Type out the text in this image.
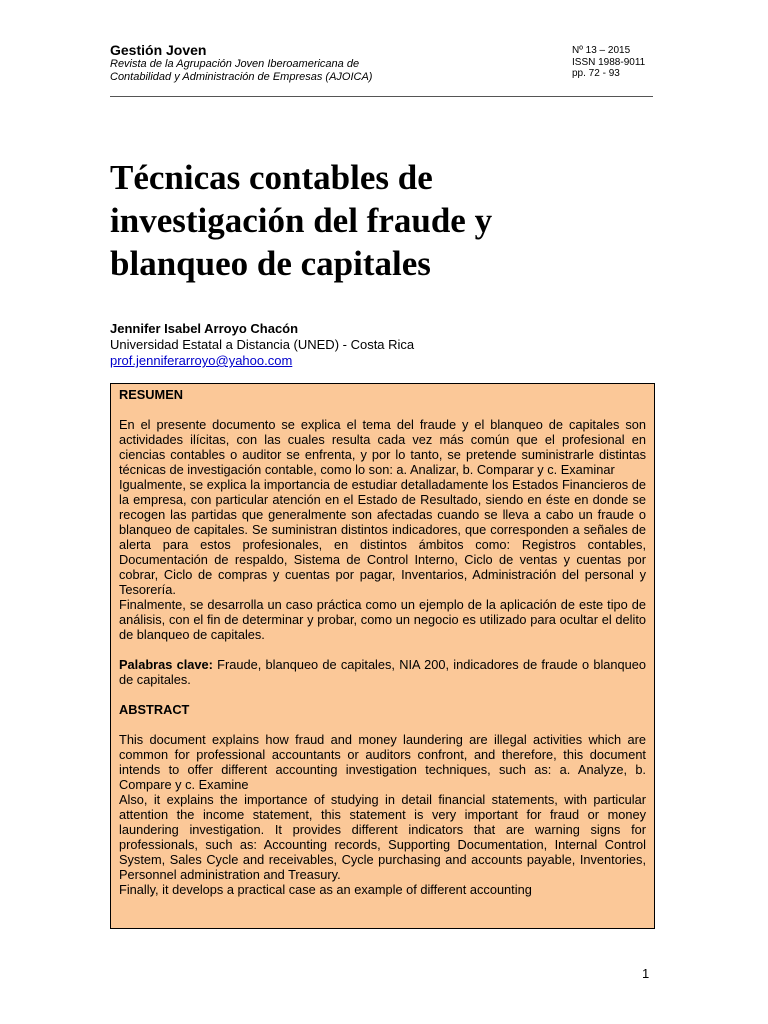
Gestión Joven
Revista de la Agrupación Joven Iberoamericana de
Contabilidad y Administración de Empresas (AJOICA)
Nº 13 – 2015
ISSN 1988-9011
pp. 72 - 93
Técnicas contables de
investigación del fraude y
blanqueo de capitales
Jennifer Isabel Arroyo Chacón
Universidad Estatal a Distancia (UNED) - Costa Rica
prof.jenniferarroyo@yahoo.com
RESUMEN
En el presente documento se explica el tema del fraude y el blanqueo de capitales son actividades ilícitas, con las cuales resulta cada vez más común que el profesional en ciencias contables o auditor se enfrenta, y por lo tanto, se pretende suministrarle distintas técnicas de investigación contable, como lo son: a. Analizar, b. Comparar y c. Examinar
Igualmente, se explica la importancia de estudiar detalladamente los Estados Financieros de la empresa, con particular atención en el Estado de Resultado, siendo en éste en donde se recogen las partidas que generalmente son afectadas cuando se lleva a cabo un fraude o blanqueo de capitales. Se suministran distintos indicadores, que corresponden a señales de alerta para estos profesionales, en distintos ámbitos como: Registros contables, Documentación de respaldo, Sistema de Control Interno, Ciclo de ventas y cuentas por cobrar, Ciclo de compras y cuentas por pagar, Inventarios, Administración del personal y Tesorería.
Finalmente, se desarrolla un caso práctica como un ejemplo de la aplicación de este tipo de análisis, con el fin de determinar y probar, como un negocio es utilizado para ocultar el delito de blanqueo de capitales.
Palabras clave: Fraude, blanqueo de capitales, NIA 200, indicadores de fraude o blanqueo de capitales.
ABSTRACT
This document explains how fraud and money laundering are illegal activities which are common for professional accountants or auditors confront, and therefore, this document intends to offer different accounting investigation techniques, such as: a. Analyze, b. Compare y c. Examine
Also, it explains the importance of studying in detail financial statements, with particular attention the income statement, this statement is very important for fraud or money laundering investigation. It provides different indicators that are warning signs for professionals, such as: Accounting records, Supporting Documentation, Internal Control System, Sales Cycle and receivables, Cycle purchasing and accounts payable, Inventories, Personnel administration and Treasury.
Finally, it develops a practical case as an example of different accounting
1
